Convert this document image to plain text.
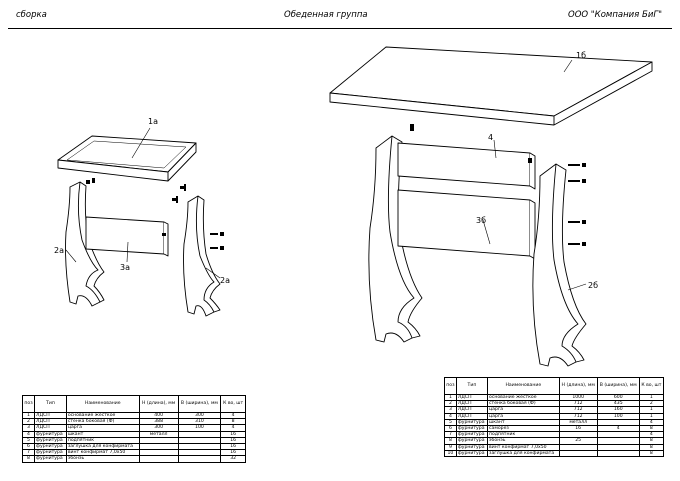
сборка	Обеденная группа	ООО "Компания БиГ"
1а
2а
3а
2а
1б
4
3б
2б
поз	Тип	Наименование	Н (длина), мм	В (ширина), мм	К во, шт
1	ЛДСП	основание жесткое	400	300	4
2	ЛДСП	стенка боковая (Ф)	388	310	8
3	ЛДСП	царга	300	100	4
4	фурнитура	шкант	металл		16
5	фурнитура	подпятник			16
6	фурнитура	заглушка для конфирмата			16
7	фурнитура	винт конфирмат 7,0х50			16
8	фурнитура	эбонэь			32
поз	Тип	Наименование	Н (длина), мм	В (ширина), мм	К во, шт
1	ЛДСП	основание жесткое	1000	600	1
2	ЛДСП	стенка боковая (Ф)	712	435	2
3	ЛДСП	царга	712	160	1
4	ЛДСП	царга	712	100	1
5	фурнитура	шкант	металл		4
6	фурнитура	саморез	16	4	8
7	фурнитура	подпятник			4
8	фурнитура	эбонэь	25		8
9	фурнитура	винт конфирмат 7,0х50			8
10	фурнитура	заглушка для конфирмата			8
